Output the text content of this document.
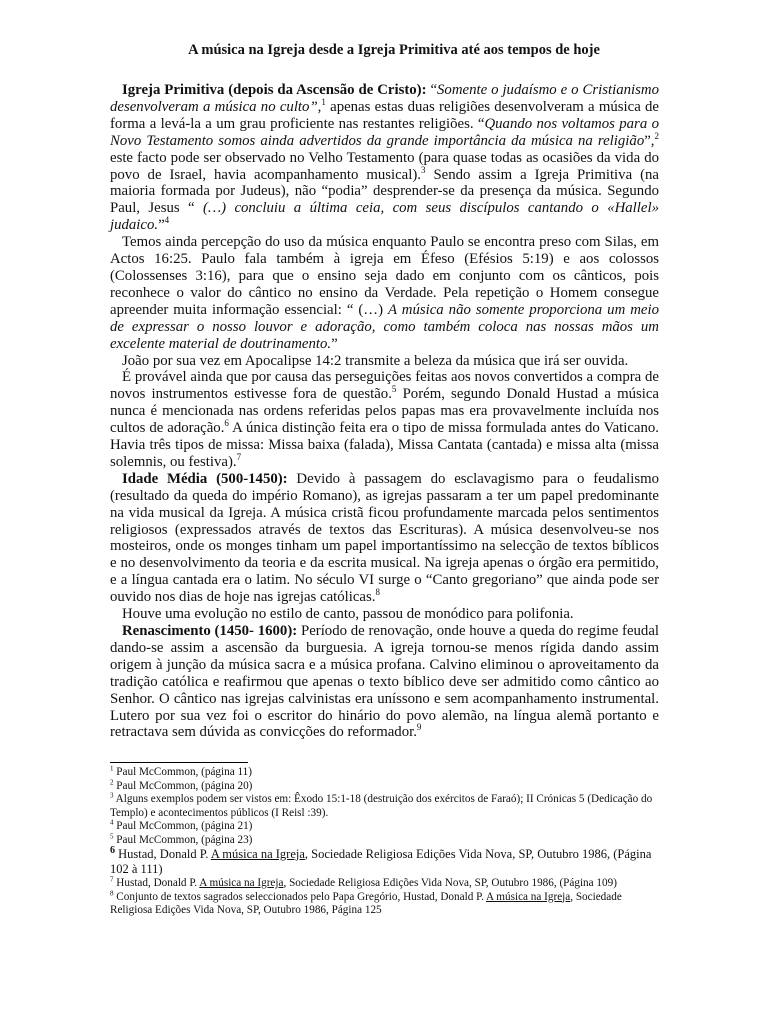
A música na Igreja desde a Igreja Primitiva até aos tempos de hoje

Igreja Primitiva (depois da Ascensão de Cristo): “Somente o judaísmo e o Cristianismo desenvolveram a música no culto”,$^1$ apenas estas duas religiões desenvolveram a música de forma a levá-la a um grau proficiente nas restantes religiões. “Quando nos voltamos para o Novo Testamento somos ainda advertidos da grande importância da música na religião”,$^2$ este facto pode ser observado no Velho Testamento (para quase todas as ocasiões da vida do povo de Israel, havia acompanhamento musical).$^3$ Sendo assim a Igreja Primitiva (na maioria formada por Judeus), não “podia” desprender-se da presença da música. Segundo Paul, Jesus “ (…) concluiu a última ceia, com seus discípulos cantando o «Hallel» judaico.”$^4$

Temos ainda percepção do uso da música enquanto Paulo se encontra preso com Silas, em Actos 16:25. Paulo fala também à igreja em Éfeso (Efésios 5:19) e aos colossos (Colossenses 3:16), para que o ensino seja dado em conjunto com os cânticos, pois reconhece o valor do cântico no ensino da Verdade. Pela repetição o Homem consegue apreender muita informação essencial: “ (…) A música não somente proporciona um meio de expressar o nosso louvor e adoração, como também coloca nas nossas mãos um excelente material de doutrinamento.”

João por sua vez em Apocalipse 14:2 transmite a beleza da música que irá ser ouvida.

É provável ainda que por causa das perseguições feitas aos novos convertidos a compra de novos instrumentos estivesse fora de questão.$^5$ Porém, segundo Donald Hustad a música nunca é mencionada nas ordens referidas pelos papas mas era provavelmente incluída nos cultos de adoração.$^6$ A única distinção feita era o tipo de missa formulada antes do Vaticano. Havia três tipos de missa: Missa baixa (falada), Missa Cantata (cantada) e missa alta (missa solemnis, ou festiva).$^7$

Idade Média (500-1450): Devido à passagem do esclavagismo para o feudalismo (resultado da queda do império Romano), as igrejas passaram a ter um papel predominante na vida musical da Igreja. A música cristã ficou profundamente marcada pelos sentimentos religiosos (expressados através de textos das Escrituras). A música desenvolveu-se nos mosteiros, onde os monges tinham um papel importantíssimo na selecção de textos bíblicos e no desenvolvimento da teoria e da escrita musical. Na igreja apenas o órgão era permitido, e a língua cantada era o latim. No século VI surge o “Canto gregoriano” que ainda pode ser ouvido nos dias de hoje nas igrejas católicas.$^8$

Houve uma evolução no estilo de canto, passou de monódico para polifonia.

Renascimento (1450- 1600): Período de renovação, onde houve a queda do regime feudal dando-se assim a ascensão da burguesia. A igreja tornou-se menos rígida dando assim origem à junção da música sacra e a música profana. Calvino eliminou o aproveitamento da tradição católica e reafirmou que apenas o texto bíblico deve ser admitido como cântico ao Senhor. O cântico nas igrejas calvinistas era uníssono e sem acompanhamento instrumental. Lutero por sua vez foi o escritor do hinário do povo alemão, na língua alemã portanto e retractava sem dúvida as convicções do reformador.$^9$

$^1$ Paul McCommon, (página 11)
$^2$ Paul McCommon, (página 20)
$^3$ Alguns exemplos podem ser vistos em: Êxodo 15:1-18 (destruição dos exércitos de Faraó); II Crónicas 5 (Dedicação do Templo) e acontecimentos públicos (I Reisl :39).
$^4$ Paul McCommon, (página 21)
$^5$ Paul McCommon, (página 23)
$^6$ Hustad, Donald P. A música na Igreja, Sociedade Religiosa Edições Vida Nova, SP, Outubro 1986, (Página 102 à 111)
$^7$ Hustad, Donald P. A música na Igreja, Sociedade Religiosa Edições Vida Nova, SP, Outubro 1986, (Página 109)
$^8$ Conjunto de textos sagrados seleccionados pelo Papa Gregório, Hustad, Donald P. A música na Igreja, Sociedade Religiosa Edições Vida Nova, SP, Outubro 1986, Página 125
